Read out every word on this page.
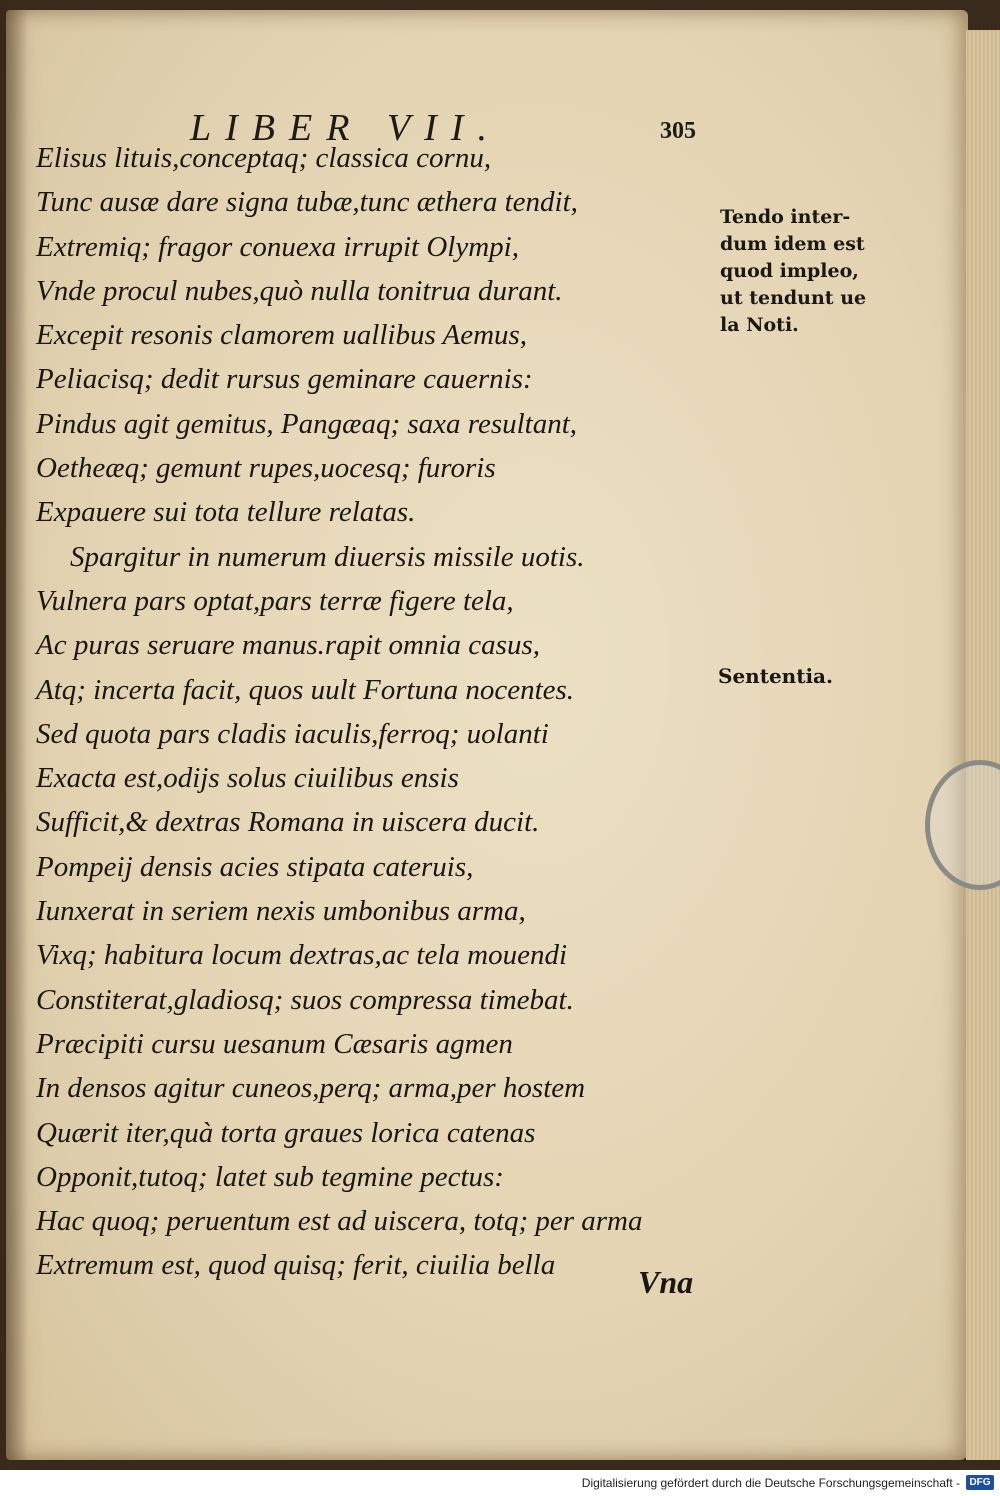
LIBER VII.	305
Elisus lituis,conceptaq; classica cornu,
Tunc ausæ dare signa tubæ,tunc æthera tendit,
Extremiq; fragor conuexa irrupit Olympi,
Vnde procul nubes,quò nulla tonitrua durant.
Excepit resonis clamorem uallibus Aemus,
Peliacisq; dedit rursus geminare cauernis:
Pindus agit gemitus, Pangæaq; saxa resultant,
Oetheæq; gemunt rupes,uocesq; furoris
Expauere sui tota tellure relatas.
Spargitur in numerum diuersis missile uotis.
Vulnera pars optat,pars terræ figere tela,
Ac puras seruare manus.rapit omnia casus,
Atq; incerta facit, quos uult Fortuna nocentes.
Sed quota pars cladis iaculis,ferroq; uolanti
Exacta est,odijs solus ciuilibus ensis
Sufficit,& dextras Romana in uiscera ducit.
Pompeij densis acies stipata cateruis,
Iunxerat in seriem nexis umbonibus arma,
Vixq; habitura locum dextras,ac tela mouendi
Constiterat,gladiosq; suos compressa timebat.
Præcipiti cursu uesanum Cæsaris agmen
In densos agitur cuneos,perq; arma,per hostem
Quærit iter,quà torta graues lorica catenas
Opponit,tutoq; latet sub tegmine pectus:
Hac quoq; peruentum est ad uiscera, totq; per arma
Extremum est, quod quisq; ferit, ciuilia bella
Tendo inter-
dum idem est
quod impleo,
ut tendunt ue
la Noti.
Sententia.
Vna
Digitalisierung gefördert durch die Deutsche Forschungsgemeinschaft - DFG
